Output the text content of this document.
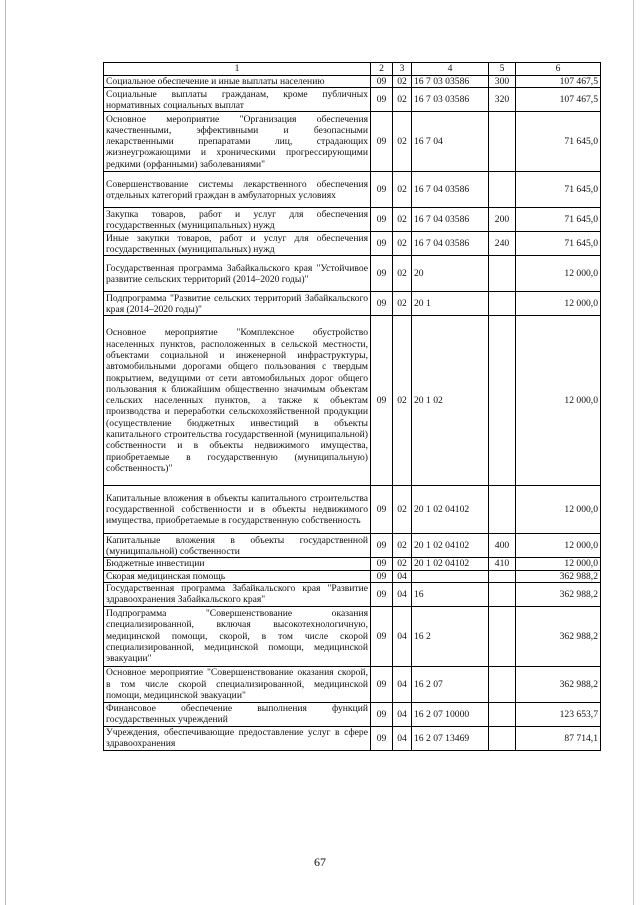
1	2	3	4	5	6
Социальное обеспечение и иные выплаты населению	09	02	16 7 03 03586	300	107 467,5
Социальные выплаты гражданам, кроме публичных нормативных социальных выплат	09	02	16 7 03 03586	320	107 467,5
Основное мероприятие "Организация обеспечения качественными, эффективными и безопасными лекарственными препаратами лиц, страдающих жизнеугрожающими и хроническими прогрессирующими редкими (орфанными) заболеваниями"	09	02	16 7 04		71 645,0
Совершенствование системы лекарственного обеспечения отдельных категорий граждан в амбулаторных условиях	09	02	16 7 04 03586		71 645,0
Закупка товаров, работ и услуг для обеспечения государственных (муниципальных) нужд	09	02	16 7 04 03586	200	71 645,0
Иные закупки товаров, работ и услуг для обеспечения государственных (муниципальных) нужд	09	02	16 7 04 03586	240	71 645,0
Государственная программа Забайкальского края "Устойчивое развитие сельских территорий (2014–2020 годы)"	09	02	20		12 000,0
Подпрограмма "Развитие сельских территорий Забайкальского края (2014–2020 годы)"	09	02	20 1		12 000,0
Основное мероприятие "Комплексное обустройство населенных пунктов, расположенных в сельской местности, объектами социальной и инженерной инфраструктуры, автомобильными дорогами общего пользования с твердым покрытием, ведущими от сети автомобильных дорог общего пользования к ближайшим общественно значимым объектам сельских населенных пунктов, а также к объектам производства и переработки сельскохозяйственной продукции (осуществление бюджетных инвестиций в объекты капитального строительства государственной (муниципальной) собственности и в объекты недвижимого имущества, приобретаемые в государственную (муниципальную) собственность)"	09	02	20 1 02		12 000,0
Капитальные вложения в объекты капитального строительства государственной собственности и в объекты недвижимого имущества, приобретаемые в государственную собственность	09	02	20 1 02 04102		12 000,0
Капитальные вложения в объекты государственной (муниципальной) собственности	09	02	20 1 02 04102	400	12 000,0
Бюджетные инвестиции	09	02	20 1 02 04102	410	12 000,0
Скорая медицинская помощь	09	04			362 988,2
Государственная программа Забайкальского края "Развитие здравоохранения Забайкальского края"	09	04	16		362 988,2
Подпрограмма "Совершенствование оказания специализированной, включая высокотехнологичную, медицинской помощи, скорой, в том числе скорой специализированной, медицинской помощи, медицинской эвакуации"	09	04	16 2		362 988,2
Основное мероприятие "Совершенствование оказания скорой, в том числе скорой специализированной, медицинской помощи, медицинской эвакуации"	09	04	16 2 07		362 988,2
Финансовое обеспечение выполнения функций государственных учреждений	09	04	16 2 07 10000		123 653,7
Учреждения, обеспечивающие предоставление услуг в сфере здравоохранения	09	04	16 2 07 13469		87 714,1
67
